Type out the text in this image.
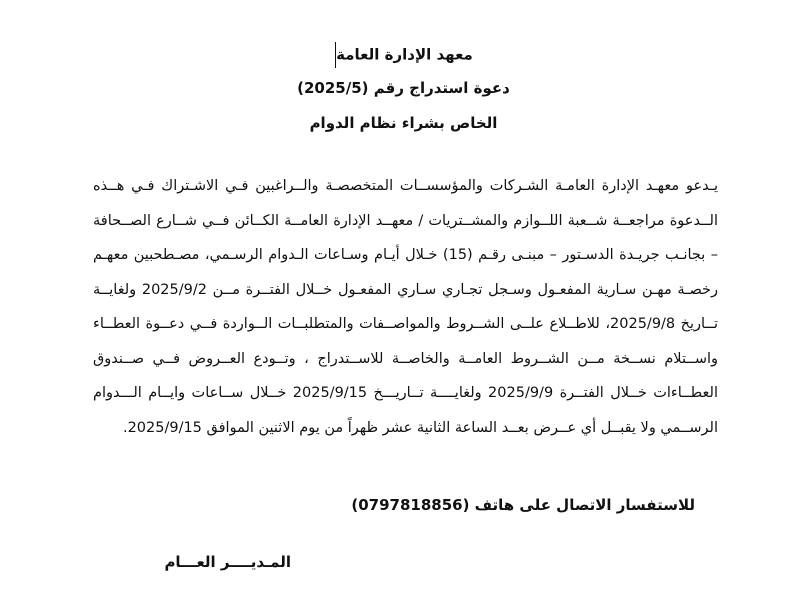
معهد الإدارة العامة
دعوة استدراج رقم (2025/5)
الخاص بشراء نظام الدوام

يـدعو معهـد الإدارة العامـة الشـركات والمؤسســات المتخصصـة والــراغبين فـي الاشـتراك فـي هــذه الــدعوة مراجعــة شــعبة اللــوازم والمشــتريات / معهــد الإدارة العامــة الكــائن فــي شــارع الصــحافة – بجانـب جريـدة الدسـتور – مبنـى رقـم (15) خـلال أيـام وسـاعات الـدوام الرسـمي، مصـطحبين معهـم رخصـة مهـن سـارية المفعـول وسـجل تجـاري سـاري المفعـول خــلال الفتــرة مــن 2025/9/2 ولغايــة تــاريخ 2025/9/8، للاطــلاع علــى الشــروط والمواصــفات والمتطلبــات الــواردة فــي دعــوة العطــاء واســتلام نســخة مــن الشــروط العامــة والخاصــة للاســتدراج ، وتــودع العــروض فــي صــندوق العطــاءات خــلال الفتــرة 2025/9/9 ولغايــــة تــاريـــخ 2025/9/15 خــلال ســاعات وايــام الـــدوام الرســمي ولا يقبــل أي عــرض بعــد الساعة الثانية عشر ظهراً من يوم الاثنين الموافق 2025/9/15.

للاستفسار الاتصال على هاتف (0797818856)
المـديــــر العـــام
